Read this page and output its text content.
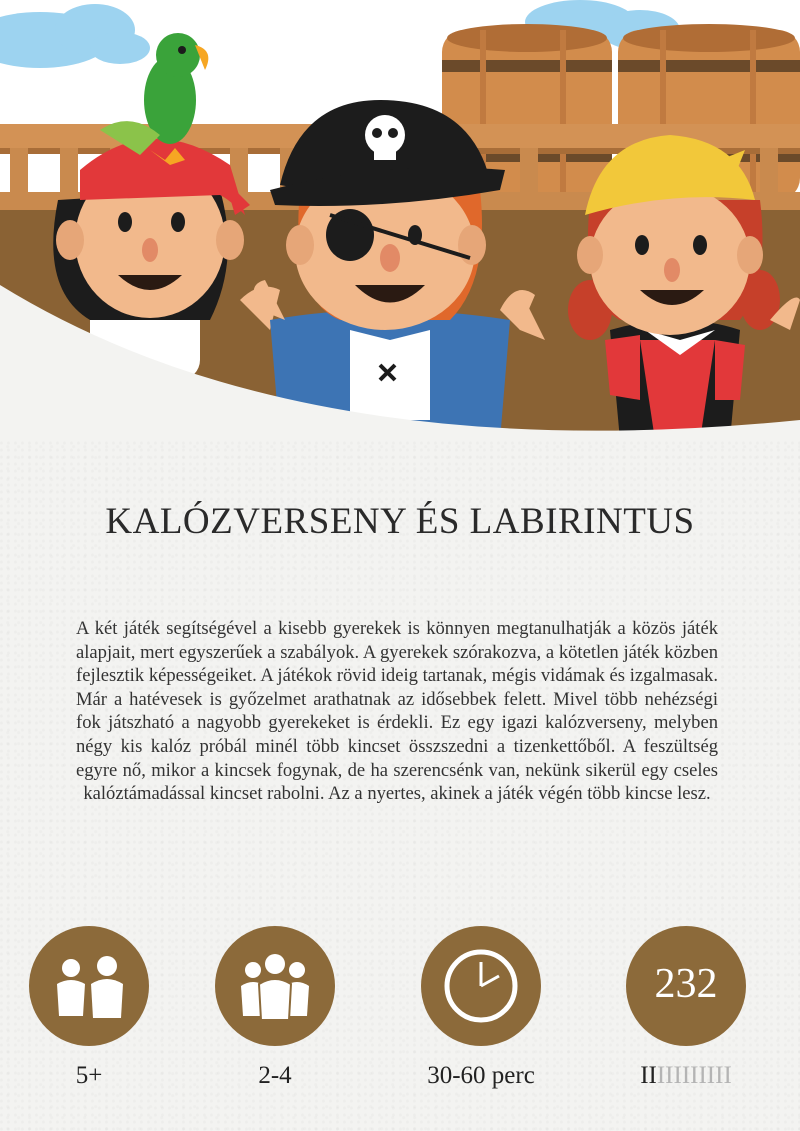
KALÓZVERSENY ÉS LABIRINTUS

A két játék segítségével a kisebb gyerekek is könnyen megtanulhatják a közös játék alapjait, mert egyszerűek a szabályok. A gyerekek szórakozva, a kötetlen játék közben fejlesztik képességeiket. A játékok rövid ideig tartanak, mégis vidámak és izgalmasak. Már a hatévesek is győzelmet arathatnak az idősebbek felett. Mivel több nehézségi fok játszható a nagyobb gyerekeket is érdekli. Ez egy igazi kalózverseny, melyben négy kis kalóz próbál minél több kincset összszedni a tizenkettőből. A feszültség egyre nő, mikor a kincsek fogynak, de ha szerencsénk van, nekünk sikerül egy cseles kalóztámadással kincset rabolni. Az a nyertes, akinek a játék végén több kincse lesz.

5+	2-4	30-60 perc
232
IIIIIIIIIII
